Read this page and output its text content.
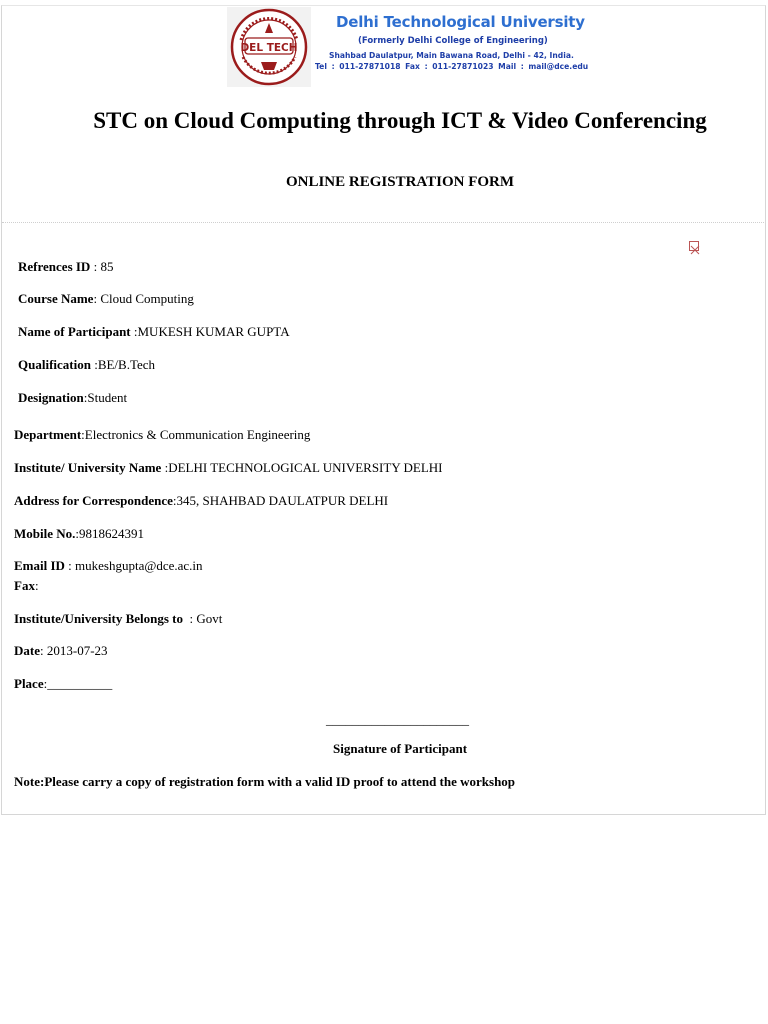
DEL TECH
Delhi Technological University
(Formerly Delhi College of Engineering)
Shahbad Daulatpur, Main Bawana Road, Delhi - 42, India.
Tel : 011-27871018 Fax : 011-27871023 Mail : mail@dce.edu
STC on Cloud Computing through ICT & Video Conferencing
ONLINE REGISTRATION FORM
Refrences ID : 85
Course Name: Cloud Computing
Name of Participant :MUKESH KUMAR GUPTA
Qualification :BE/B.Tech
Designation:Student
Department:Electronics & Communication Engineering
Institute/ University Name :DELHI TECHNOLOGICAL UNIVERSITY DELHI
Address for Correspondence:345, SHAHBAD DAULATPUR DELHI
Mobile No.:9818624391
Email ID : mukeshgupta@dce.ac.in
Fax:
Institute/University Belongs to  : Govt
Date: 2013-07-23
Place:__________
______________________
Signature of Participant
Note:Please carry a copy of registration form with a valid ID proof to attend the workshop
